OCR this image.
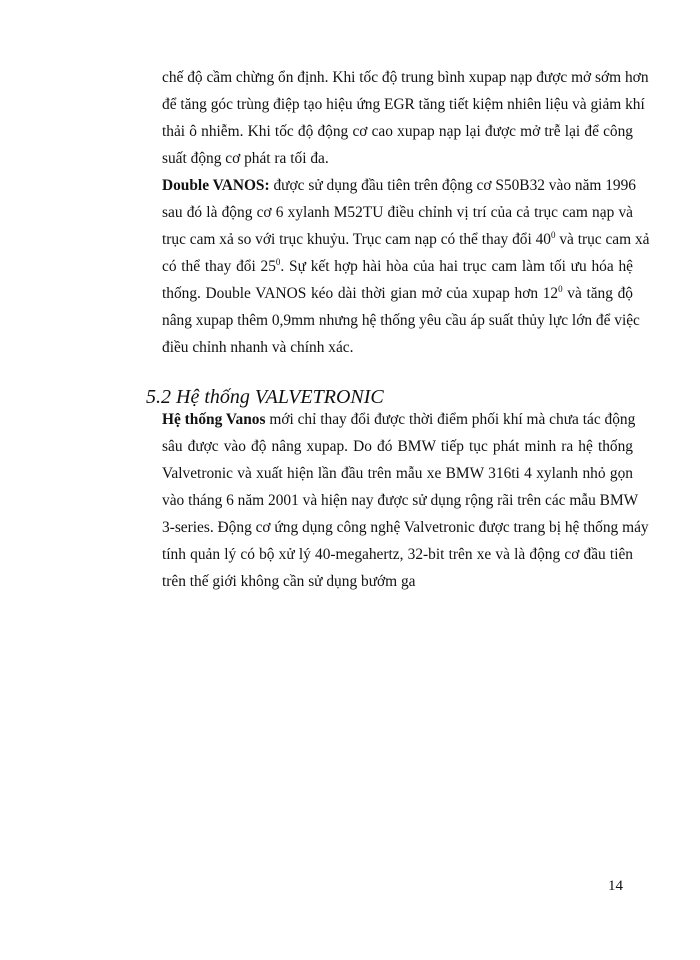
chế độ cầm chừng ổn định. Khi tốc độ trung bình xupap nạp được mở sớm hơn
để tăng góc trùng điệp tạo hiệu ứng EGR tăng tiết kiệm nhiên liệu và giảm khí
thải ô nhiễm. Khi tốc độ động cơ cao xupap nạp lại được mở trễ lại để công
suất động cơ phát ra tối đa.
Double VANOS: được sử dụng đầu tiên trên động cơ S50B32 vào năm 1996
sau đó là động cơ 6 xylanh M52TU điều chỉnh vị trí của cả trục cam nạp và
trục cam xả so với trục khuỷu. Trục cam nạp có thể thay đổi $40^0$ và trục cam xả
có thể thay đổi $25^0$. Sự kết hợp hài hòa của hai trục cam làm tối ưu hóa hệ
thống. Double VANOS kéo dài thời gian mở của xupap hơn $12^0$ và tăng độ
nâng xupap thêm 0,9mm nhưng hệ thống yêu cầu áp suất thủy lực lớn để việc
điều chỉnh nhanh và chính xác.
5.2 Hệ thống VALVETRONIC
Hệ thống Vanos mới chỉ thay đổi được thời điểm phối khí mà chưa tác động
sâu được vào độ nâng xupap. Do đó BMW tiếp tục phát minh ra hệ thống
Valvetronic và xuất hiện lần đầu trên mẫu xe BMW 316ti 4 xylanh nhỏ gọn
vào tháng 6 năm 2001 và hiện nay được sử dụng rộng rãi trên các mẫu BMW
3-series. Động cơ ứng dụng công nghệ Valvetronic được trang bị hệ thống máy
tính quản lý có bộ xử lý 40-megahertz, 32-bit trên xe và là động cơ đầu tiên
trên thế giới không cần sử dụng bướm ga
14
